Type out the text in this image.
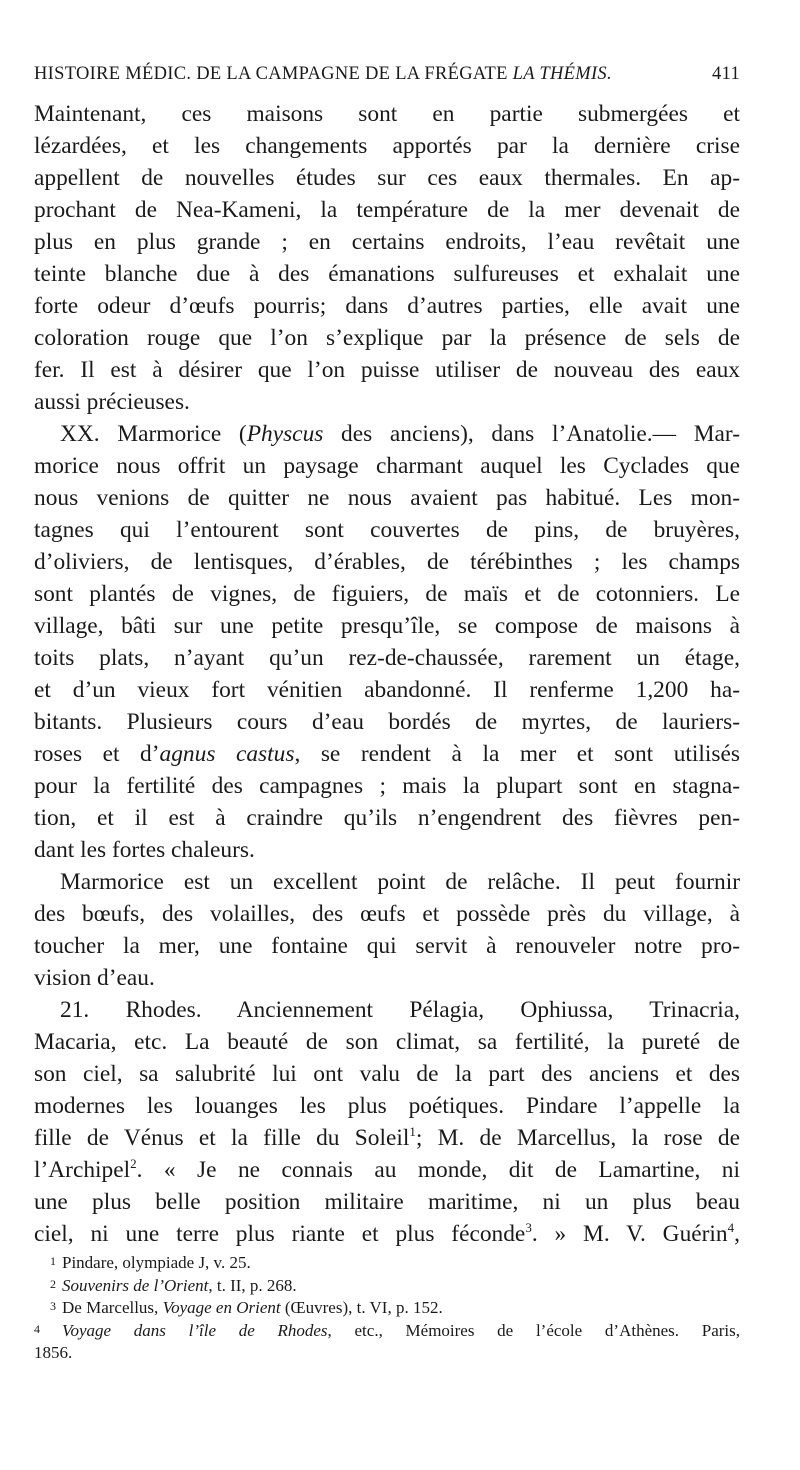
HISTOIRE MÉDIC. DE LA CAMPAGNE DE LA FRÉGATE LA THÉMIS.	411
Maintenant, ces maisons sont en partie submergées et
lézardées, et les changements apportés par la dernière crise
appellent de nouvelles études sur ces eaux thermales. En ap-
prochant de Nea-Kameni, la température de la mer devenait de
plus en plus grande ; en certains endroits, l’eau revêtait une
teinte blanche due à des émanations sulfureuses et exhalait une
forte odeur d’œufs pourris; dans d’autres parties, elle avait une
coloration rouge que l’on s’explique par la présence de sels de
fer. Il est à désirer que l’on puisse utiliser de nouveau des eaux
aussi précieuses.
XX. Marmorice (Physcus des anciens), dans l’Anatolie.— Mar-
morice nous offrit un paysage charmant auquel les Cyclades que
nous venions de quitter ne nous avaient pas habitué. Les mon-
tagnes qui l’entourent sont couvertes de pins, de bruyères,
d’oliviers, de lentisques, d’érables, de térébinthes ; les champs
sont plantés de vignes, de figuiers, de maïs et de cotonniers. Le
village, bâti sur une petite presqu’île, se compose de maisons à
toits plats, n’ayant qu’un rez-de-chaussée, rarement un étage,
et d’un vieux fort vénitien abandonné. Il renferme 1,200 ha-
bitants. Plusieurs cours d’eau bordés de myrtes, de lauriers-
roses et d’agnus castus, se rendent à la mer et sont utilisés
pour la fertilité des campagnes ; mais la plupart sont en stagna-
tion, et il est à craindre qu’ils n’engendrent des fièvres pen-
dant les fortes chaleurs.
Marmorice est un excellent point de relâche. Il peut fournir
des bœufs, des volailles, des œufs et possède près du village, à
toucher la mer, une fontaine qui servit à renouveler notre pro-
vision d’eau.
21. Rhodes. Anciennement Pélagia, Ophiussa, Trinacria,
Macaria, etc. La beauté de son climat, sa fertilité, la pureté de
son ciel, sa salubrité lui ont valu de la part des anciens et des
modernes les louanges les plus poétiques. Pindare l’appelle la
fille de Vénus et la fille du Soleil$^1$; M. de Marcellus, la rose de
l’Archipel$^2$. « Je ne connais au monde, dit de Lamartine, ni
une plus belle position militaire maritime, ni un plus beau
ciel, ni une terre plus riante et plus féconde$^3$. » M. V. Guérin$^4$,
1 Pindare, olympiade J, v. 25.
2 Souvenirs de l’Orient, t. II, p. 268.
3 De Marcellus, Voyage en Orient (Œuvres), t. VI, p. 152.
4 Voyage dans l’île de Rhodes, etc., Mémoires de l’école d’Athènes. Paris,
1856.
